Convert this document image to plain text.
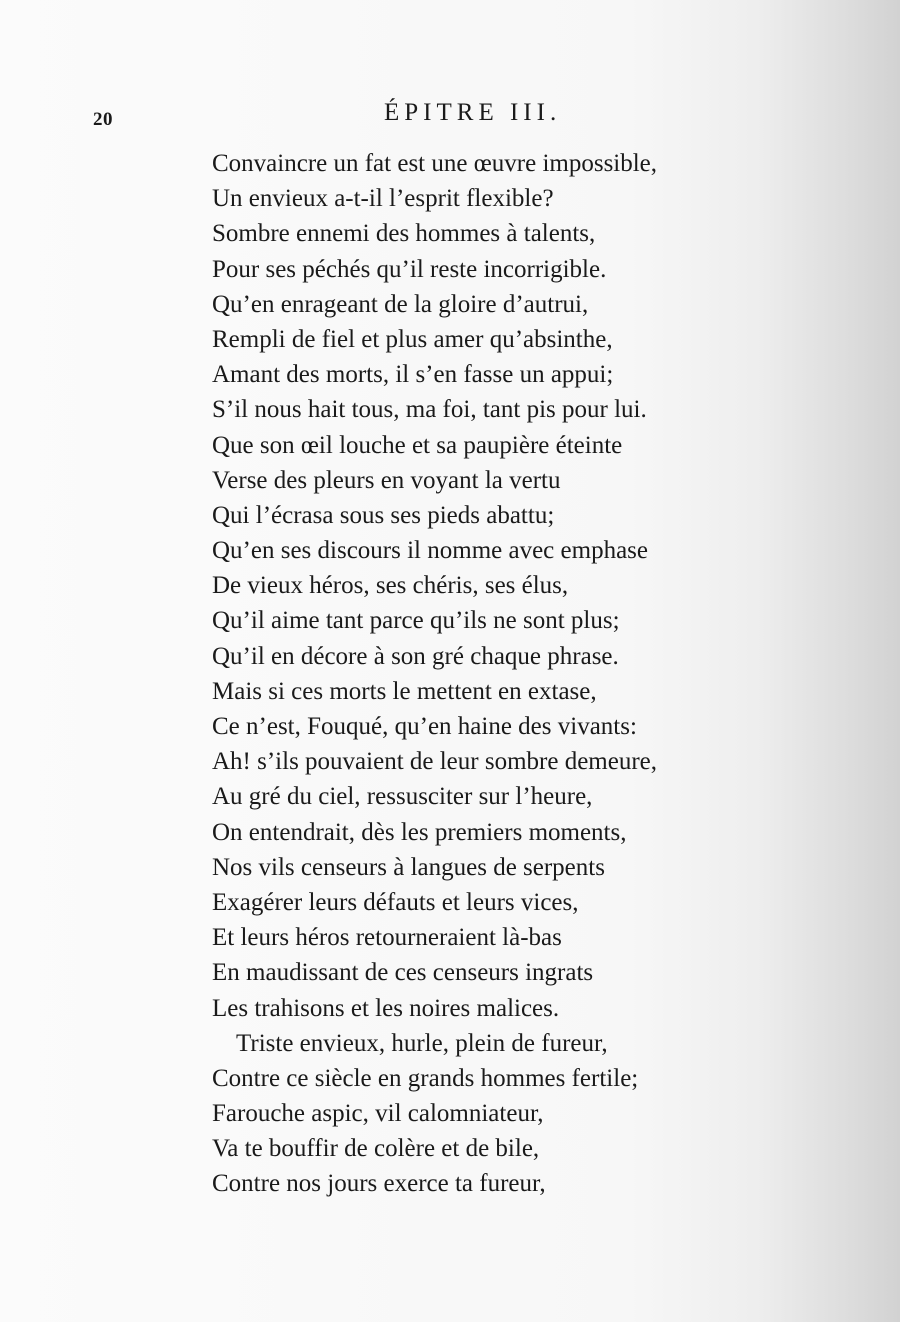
20	ÉPITRE III.
Convaincre un fat est une œuvre impossible,
Un envieux a-t-il l’esprit flexible?
Sombre ennemi des hommes à talents,
Pour ses péchés qu’il reste incorrigible.
Qu’en enrageant de la gloire d’autrui,
Rempli de fiel et plus amer qu’absinthe,
Amant des morts, il s’en fasse un appui;
S’il nous hait tous, ma foi, tant pis pour lui.
Que son œil louche et sa paupière éteinte
Verse des pleurs en voyant la vertu
Qui l’écrasa sous ses pieds abattu;
Qu’en ses discours il nomme avec emphase
De vieux héros, ses chéris, ses élus,
Qu’il aime tant parce qu’ils ne sont plus;
Qu’il en décore à son gré chaque phrase.
Mais si ces morts le mettent en extase,
Ce n’est, Fouqué, qu’en haine des vivants:
Ah! s’ils pouvaient de leur sombre demeure,
Au gré du ciel, ressusciter sur l’heure,
On entendrait, dès les premiers moments,
Nos vils censeurs à langues de serpents
Exagérer leurs défauts et leurs vices,
Et leurs héros retourneraient là-bas
En maudissant de ces censeurs ingrats
Les trahisons et les noires malices.
Triste envieux, hurle, plein de fureur,
Contre ce siècle en grands hommes fertile;
Farouche aspic, vil calomniateur,
Va te bouffir de colère et de bile,
Contre nos jours exerce ta fureur,
